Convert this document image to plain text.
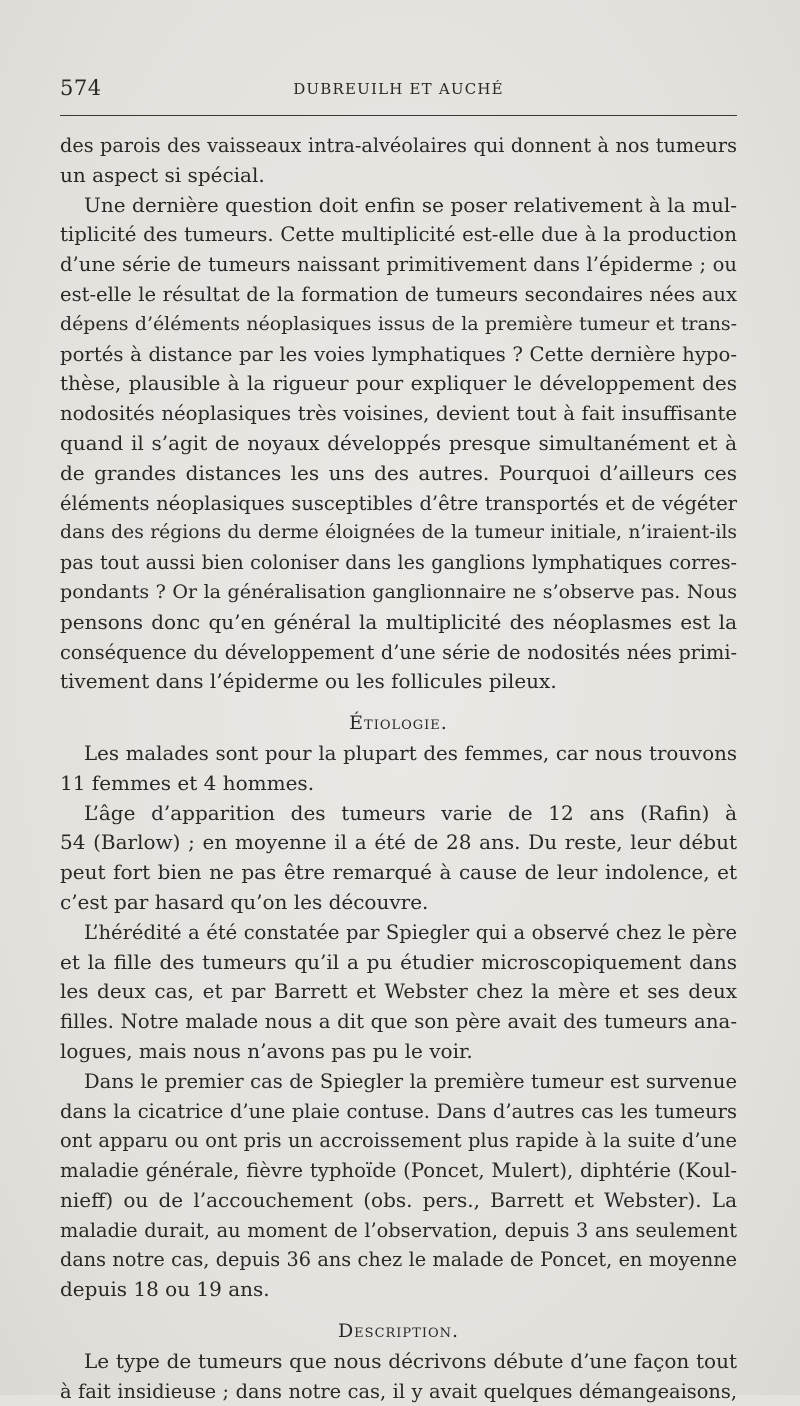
574	DUBREUILH ET AUCHÉ
des parois des vaisseaux intra-alvéolaires qui donnent à nos tumeurs
un aspect si spécial.
Une dernière question doit enfin se poser relativement à la mul-
tiplicité des tumeurs. Cette multiplicité est-elle due à la production
d’une série de tumeurs naissant primitivement dans l’épiderme ; ou
est-elle le résultat de la formation de tumeurs secondaires nées aux
dépens d’éléments néoplasiques issus de la première tumeur et trans-
portés à distance par les voies lymphatiques ? Cette dernière hypo-
thèse, plausible à la rigueur pour expliquer le développement des
nodosités néoplasiques très voisines, devient tout à fait insuffisante
quand il s’agit de noyaux développés presque simultanément et à
de grandes distances les uns des autres. Pourquoi d’ailleurs ces
éléments néoplasiques susceptibles d’être transportés et de végéter
dans des régions du derme éloignées de la tumeur initiale, n’iraient-ils
pas tout aussi bien coloniser dans les ganglions lymphatiques corres-
pondants ? Or la généralisation ganglionnaire ne s’observe pas. Nous
pensons donc qu’en général la multiplicité des néoplasmes est la
conséquence du développement d’une série de nodosités nées primi-
tivement dans l’épiderme ou les follicules pileux.
Étiologie.
Les malades sont pour la plupart des femmes, car nous trouvons
11 femmes et 4 hommes.
L’âge d’apparition des tumeurs varie de 12 ans (Rafin) à
54 (Barlow) ; en moyenne il a été de 28 ans. Du reste, leur début
peut fort bien ne pas être remarqué à cause de leur indolence, et
c’est par hasard qu’on les découvre.
L’hérédité a été constatée par Spiegler qui a observé chez le père
et la fille des tumeurs qu’il a pu étudier microscopiquement dans
les deux cas, et par Barrett et Webster chez la mère et ses deux
filles. Notre malade nous a dit que son père avait des tumeurs ana-
logues, mais nous n’avons pas pu le voir.
Dans le premier cas de Spiegler la première tumeur est survenue
dans la cicatrice d’une plaie contuse. Dans d’autres cas les tumeurs
ont apparu ou ont pris un accroissement plus rapide à la suite d’une
maladie générale, fièvre typhoïde (Poncet, Mulert), diphtérie (Koul-
nieff) ou de l’accouchement (obs. pers., Barrett et Webster). La
maladie durait, au moment de l’observation, depuis 3 ans seulement
dans notre cas, depuis 36 ans chez le malade de Poncet, en moyenne
depuis 18 ou 19 ans.
Description.
Le type de tumeurs que nous décrivons débute d’une façon tout
à fait insidieuse ; dans notre cas, il y avait quelques démangeaisons,
